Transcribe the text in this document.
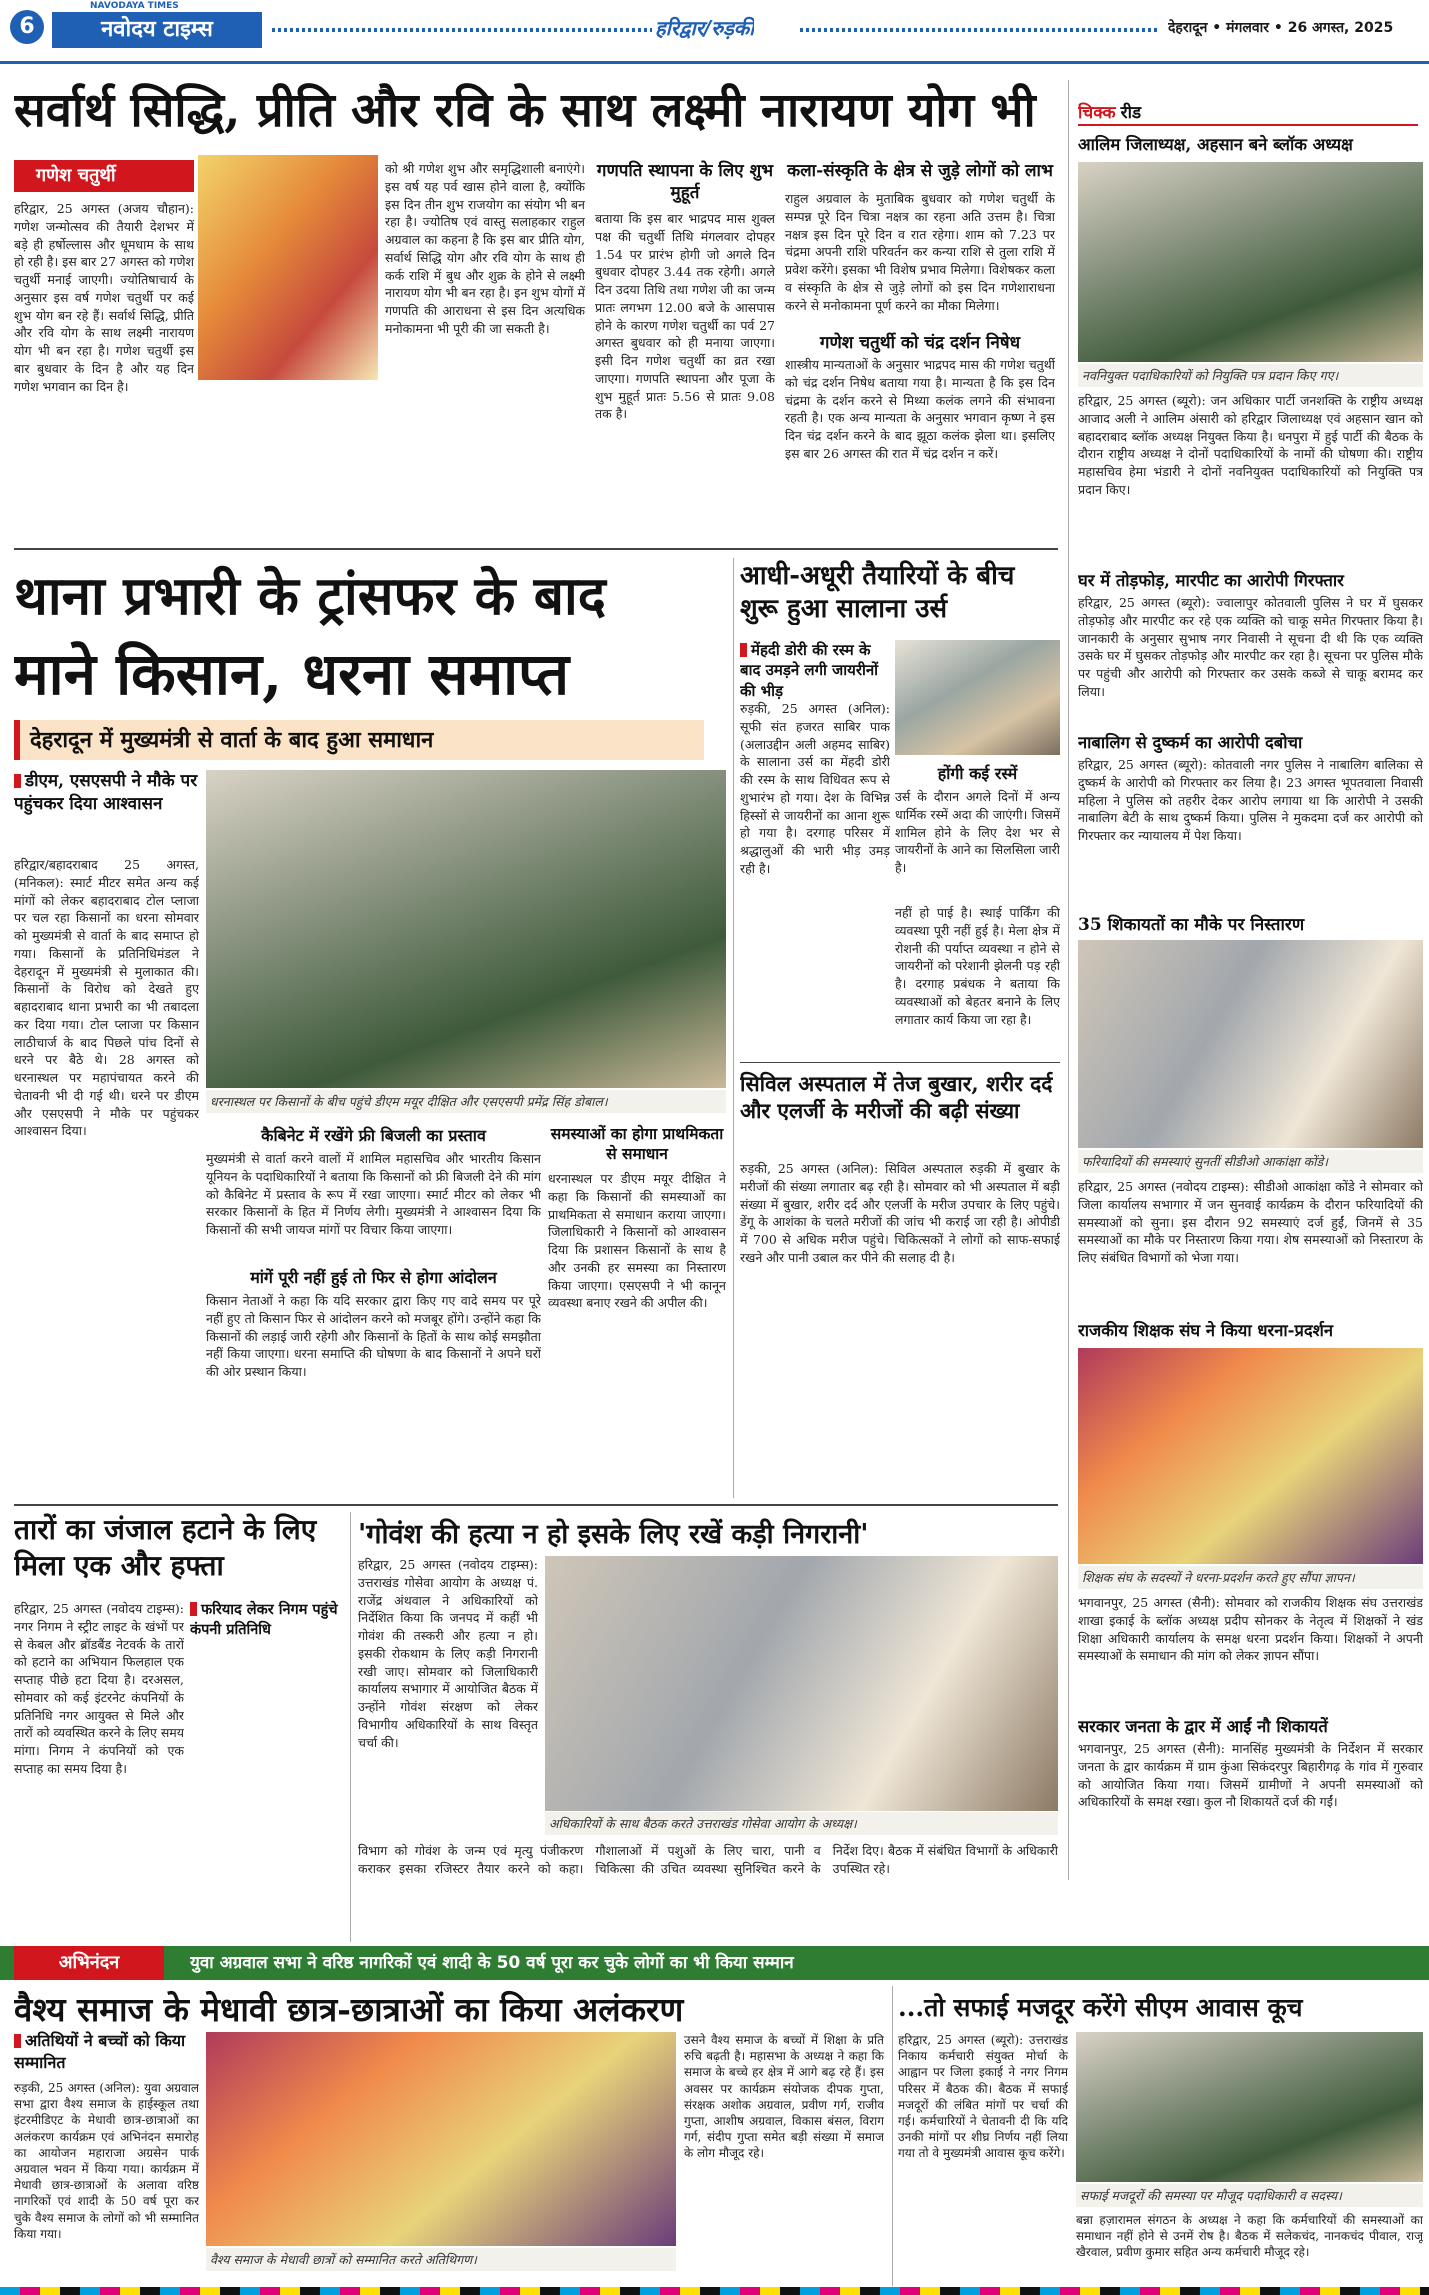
6
NAVODAYA TIMES
नवोदय टाइम्स	हरिद्वार/रुड़की	देहरादून • मंगलवार • 26 अगस्त, 2025
सर्वार्थ सिद्धि, प्रीति और रवि के साथ लक्ष्मी नारायण योग भी
गणेश चतुर्थी
हरिद्वार, 25 अगस्त (अजय चौहान): गणेश जन्मोत्सव की तैयारी देशभर में बड़े ही हर्षोल्लास और धूमधाम के साथ हो रही है। इस बार 27 अगस्त को गणेश चतुर्थी मनाई जाएगी। ज्योतिषाचार्य के अनुसार इस वर्ष गणेश चतुर्थी पर कई शुभ योग बन रहे हैं। सर्वार्थ सिद्धि, प्रीति और रवि योग के साथ लक्ष्मी नारायण योग भी बन रहा है। गणेश चतुर्थी इस बार बुधवार के दिन है और यह दिन गणेश भगवान का दिन है।
को श्री गणेश शुभ और समृद्धिशाली बनाएंगे। इस वर्ष यह पर्व खास होने वाला है, क्योंकि इस दिन तीन शुभ राजयोग का संयोग भी बन रहा है। ज्योतिष एवं वास्तु सलाहकार राहुल अग्रवाल का कहना है कि इस बार प्रीति योग, सर्वार्थ सिद्धि योग और रवि योग के साथ ही कर्क राशि में बुध और शुक्र के होने से लक्ष्मी नारायण योग भी बन रहा है। इन शुभ योगों में गणपति की आराधना से इस दिन अत्यधिक मनोकामना भी पूरी की जा सकती है।
गणपति स्थापना के लिए शुभ मुहूर्त
बताया कि इस बार भाद्रपद मास शुक्ल पक्ष की चतुर्थी तिथि मंगलवार दोपहर 1.54 पर प्रारंभ होगी जो अगले दिन बुधवार दोपहर 3.44 तक रहेगी। अगले दिन उदया तिथि तथा गणेश जी का जन्म प्रातः लगभग 12.00 बजे के आसपास होने के कारण गणेश चतुर्थी का पर्व 27 अगस्त बुधवार को ही मनाया जाएगा। इसी दिन गणेश चतुर्थी का व्रत रखा जाएगा। गणपति स्थापना और पूजा के शुभ मुहूर्त प्रातः 5.56 से प्रातः 9.08 तक है।
कला-संस्कृति के क्षेत्र से जुड़े लोगों को लाभ
राहुल अग्रवाल के मुताबिक बुधवार को गणेश चतुर्थी के सम्पन्न पूरे दिन चित्रा नक्षत्र का रहना अति उत्तम है। चित्रा नक्षत्र इस दिन पूरे दिन व रात रहेगा। शाम को 7.23 पर चंद्रमा अपनी राशि परिवर्तन कर कन्या राशि से तुला राशि में प्रवेश करेंगे। इसका भी विशेष प्रभाव मिलेगा। विशेषकर कला व संस्कृति के क्षेत्र से जुड़े लोगों को इस दिन गणेशाराधना करने से मनोकामना पूर्ण करने का मौका मिलेगा।
गणेश चतुर्थी को चंद्र दर्शन निषेध
शास्त्रीय मान्यताओं के अनुसार भाद्रपद मास की गणेश चतुर्थी को चंद्र दर्शन निषेध बताया गया है। मान्यता है कि इस दिन चंद्रमा के दर्शन करने से मिथ्या कलंक लगने की संभावना रहती है। एक अन्य मान्यता के अनुसार भगवान कृष्ण ने इस दिन चंद्र दर्शन करने के बाद झूठा कलंक झेला था। इसलिए इस बार 26 अगस्त की रात में चंद्र दर्शन न करें।
चिक्क रीड
आलिम जिलाध्यक्ष, अहसान बने ब्लॉक अध्यक्ष
नवनियुक्त पदाधिकारियों को नियुक्ति पत्र प्रदान किए गए।
हरिद्वार, 25 अगस्त (ब्यूरो): जन अधिकार पार्टी जनशक्ति के राष्ट्रीय अध्यक्ष आजाद अली ने आलिम अंसारी को हरिद्वार जिलाध्यक्ष एवं अहसान खान को बहादराबाद ब्लॉक अध्यक्ष नियुक्त किया है। धनपुरा में हुई पार्टी की बैठक के दौरान राष्ट्रीय अध्यक्ष ने दोनों पदाधिकारियों के नामों की घोषणा की। राष्ट्रीय महासचिव हेमा भंडारी ने दोनों नवनियुक्त पदाधिकारियों को नियुक्ति पत्र प्रदान किए।
घर में तोड़फोड़, मारपीट का आरोपी गिरफ्तार
हरिद्वार, 25 अगस्त (ब्यूरो): ज्वालापुर कोतवाली पुलिस ने घर में घुसकर तोड़फोड़ और मारपीट कर रहे एक व्यक्ति को चाकू समेत गिरफ्तार किया है। जानकारी के अनुसार सुभाष नगर निवासी ने सूचना दी थी कि एक व्यक्ति उसके घर में घुसकर तोड़फोड़ और मारपीट कर रहा है। सूचना पर पुलिस मौके पर पहुंची और आरोपी को गिरफ्तार कर उसके कब्जे से चाकू बरामद कर लिया।
नाबालिग से दुष्कर्म का आरोपी दबोचा
हरिद्वार, 25 अगस्त (ब्यूरो): कोतवाली नगर पुलिस ने नाबालिग बालिका से दुष्कर्म के आरोपी को गिरफ्तार कर लिया है। 23 अगस्त भूपतवाला निवासी महिला ने पुलिस को तहरीर देकर आरोप लगाया था कि आरोपी ने उसकी नाबालिग बेटी के साथ दुष्कर्म किया। पुलिस ने मुकदमा दर्ज कर आरोपी को गिरफ्तार कर न्यायालय में पेश किया।
35 शिकायतों का मौके पर निस्तारण
फरियादियों की समस्याएं सुनतीं सीडीओ आकांक्षा कोंडे।
हरिद्वार, 25 अगस्त (नवोदय टाइम्स): सीडीओ आकांक्षा कोंडे ने सोमवार को जिला कार्यालय सभागार में जन सुनवाई कार्यक्रम के दौरान फरियादियों की समस्याओं को सुना। इस दौरान 92 समस्याएं दर्ज हुईं, जिनमें से 35 समस्याओं का मौके पर निस्तारण किया गया। शेष समस्याओं को निस्तारण के लिए संबंधित विभागों को भेजा गया।
राजकीय शिक्षक संघ ने किया धरना-प्रदर्शन
शिक्षक संघ के सदस्यों ने धरना-प्रदर्शन करते हुए सौंपा ज्ञापन।
भगवानपुर, 25 अगस्त (सैनी): सोमवार को राजकीय शिक्षक संघ उत्तराखंड शाखा इकाई के ब्लॉक अध्यक्ष प्रदीप सोनकर के नेतृत्व में शिक्षकों ने खंड शिक्षा अधिकारी कार्यालय के समक्ष धरना प्रदर्शन किया। शिक्षकों ने अपनी समस्याओं के समाधान की मांग को लेकर ज्ञापन सौंपा।
सरकार जनता के द्वार में आईं नौ शिकायतें
भगवानपुर, 25 अगस्त (सैनी): मानसिंह मुख्यमंत्री के निर्देशन में सरकार जनता के द्वार कार्यक्रम में ग्राम कुंआ सिकंदरपुर बिहारीगढ़ के गांव में गुरुवार को आयोजित किया गया। जिसमें ग्रामीणों ने अपनी समस्याओं को अधिकारियों के समक्ष रखा। कुल नौ शिकायतें दर्ज की गईं।
थाना प्रभारी के ट्रांसफर के बाद
माने किसान, धरना समाप्त
देहरादून में मुख्यमंत्री से वार्ता के बाद हुआ समाधान
डीएम, एसएसपी ने मौके पर पहुंचकर दिया आश्वासन
हरिद्वार/बहादराबाद 25 अगस्त, (मनिकल): स्मार्ट मीटर समेत अन्य कई मांगों को लेकर बहादराबाद टोल प्लाजा पर चल रहा किसानों का धरना सोमवार को मुख्यमंत्री से वार्ता के बाद समाप्त हो गया। किसानों के प्रतिनिधिमंडल ने देहरादून में मुख्यमंत्री से मुलाकात की। किसानों के विरोध को देखते हुए बहादराबाद थाना प्रभारी का भी तबादला कर दिया गया। टोल प्लाजा पर किसान लाठीचार्ज के बाद पिछले पांच दिनों से धरने पर बैठे थे। 28 अगस्त को धरनास्थल पर महापंचायत करने की चेतावनी भी दी गई थी। धरने पर डीएम और एसएसपी ने मौके पर पहुंचकर आश्वासन दिया।
धरनास्थल पर किसानों के बीच पहुंचे डीएम मयूर दीक्षित और एसएसपी प्रमेंद्र सिंह डोबाल।
कैबिनेट में रखेंगे फ्री बिजली का प्रस्ताव
मुख्यमंत्री से वार्ता करने वालों में शामिल महासचिव और भारतीय किसान यूनियन के पदाधिकारियों ने बताया कि किसानों को फ्री बिजली देने की मांग को कैबिनेट में प्रस्ताव के रूप में रखा जाएगा। स्मार्ट मीटर को लेकर भी सरकार किसानों के हित में निर्णय लेगी। मुख्यमंत्री ने आश्वासन दिया कि किसानों की सभी जायज मांगों पर विचार किया जाएगा।
मांगें पूरी नहीं हुई तो फिर से होगा आंदोलन
किसान नेताओं ने कहा कि यदि सरकार द्वारा किए गए वादे समय पर पूरे नहीं हुए तो किसान फिर से आंदोलन करने को मजबूर होंगे। उन्होंने कहा कि किसानों की लड़ाई जारी रहेगी और किसानों के हितों के साथ कोई समझौता नहीं किया जाएगा। धरना समाप्ति की घोषणा के बाद किसानों ने अपने घरों की ओर प्रस्थान किया।
समस्याओं का होगा प्राथमिकता से समाधान
धरनास्थल पर डीएम मयूर दीक्षित ने कहा कि किसानों की समस्याओं का प्राथमिकता से समाधान कराया जाएगा। जिलाधिकारी ने किसानों को आश्वासन दिया कि प्रशासन किसानों के साथ है और उनकी हर समस्या का निस्तारण किया जाएगा। एसएसपी ने भी कानून व्यवस्था बनाए रखने की अपील की।
आधी-अधूरी तैयारियों के बीच शुरू हुआ सालाना उर्स
मेंहदी डोरी की रस्म के बाद उमड़ने लगी जायरीनों की भीड़
रुड़की, 25 अगस्त (अनिल): सूफी संत हजरत साबिर पाक (अलाउद्दीन अली अहमद साबिर) के सालाना उर्स का मेंहदी डोरी की रस्म के साथ विधिवत रूप से शुभारंभ हो गया। देश के विभिन्न हिस्सों से जायरीनों का आना शुरू हो गया है। दरगाह परिसर में श्रद्धालुओं की भारी भीड़ उमड़ रही है।
होंगी कई रस्में
उर्स के दौरान अगले दिनों में अन्य धार्मिक रस्में अदा की जाएंगी। जिसमें शामिल होने के लिए देश भर से जायरीनों के आने का सिलसिला जारी है।
नहीं हो पाई है। स्थाई पार्किंग की व्यवस्था पूरी नहीं हुई है। मेला क्षेत्र में रोशनी की पर्याप्त व्यवस्था न होने से जायरीनों को परेशानी झेलनी पड़ रही है। दरगाह प्रबंधक ने बताया कि व्यवस्थाओं को बेहतर बनाने के लिए लगातार कार्य किया जा रहा है।
सिविल अस्पताल में तेज बुखार, शरीर दर्द और एलर्जी के मरीजों की बढ़ी संख्या
रुड़की, 25 अगस्त (अनिल): सिविल अस्पताल रुड़की में बुखार के मरीजों की संख्या लगातार बढ़ रही है। सोमवार को भी अस्पताल में बड़ी संख्या में बुखार, शरीर दर्द और एलर्जी के मरीज उपचार के लिए पहुंचे। डेंगू के आशंका के चलते मरीजों की जांच भी कराई जा रही है। ओपीडी में 700 से अधिक मरीज पहुंचे। चिकित्सकों ने लोगों को साफ-सफाई रखने और पानी उबाल कर पीने की सलाह दी है।
तारों का जंजाल हटाने के लिए मिला एक और हफ्ता
फरियाद लेकर निगम पहुंचे कंपनी प्रतिनिधि
हरिद्वार, 25 अगस्त (नवोदय टाइम्स): नगर निगम ने स्ट्रीट लाइट के खंभों पर से केबल और ब्रॉडबैंड नेटवर्क के तारों को हटाने का अभियान फिलहाल एक सप्ताह पीछे हटा दिया है। दरअसल, सोमवार को कई इंटरनेट कंपनियों के प्रतिनिधि नगर आयुक्त से मिले और तारों को व्यवस्थित करने के लिए समय मांगा। निगम ने कंपनियों को एक सप्ताह का समय दिया है।
'गोवंश की हत्या न हो इसके लिए रखें कड़ी निगरानी'
हरिद्वार, 25 अगस्त (नवोदय टाइम्स): उत्तराखंड गोसेवा आयोग के अध्यक्ष पं. राजेंद्र अंथवाल ने अधिकारियों को निर्देशित किया कि जनपद में कहीं भी गोवंश की तस्करी और हत्या न हो। इसकी रोकथाम के लिए कड़ी निगरानी रखी जाए। सोमवार को जिलाधिकारी कार्यालय सभागार में आयोजित बैठक में उन्होंने गोवंश संरक्षण को लेकर विभागीय अधिकारियों के साथ विस्तृत चर्चा की।
अधिकारियों के साथ बैठक करते उत्तराखंड गोसेवा आयोग के अध्यक्ष।
विभाग को गोवंश के जन्म एवं मृत्यु पंजीकरण कराकर इसका रजिस्टर तैयार करने को कहा। गौशालाओं में पशुओं के लिए चारा, पानी व चिकित्सा की उचित व्यवस्था सुनिश्चित करने के निर्देश दिए। बैठक में संबंधित विभागों के अधिकारी उपस्थित रहे।
अभिनंदन	युवा अग्रवाल सभा ने वरिष्ठ नागरिकों एवं शादी के 50 वर्ष पूरा कर चुके लोगों का भी किया सम्मान
वैश्य समाज के मेधावी छात्र-छात्राओं का किया अलंकरण
अतिथियों ने बच्चों को किया सम्मानित
रुड़की, 25 अगस्त (अनिल): युवा अग्रवाल सभा द्वारा वैश्य समाज के हाईस्कूल तथा इंटरमीडिएट के मेधावी छात्र-छात्राओं का अलंकरण कार्यक्रम एवं अभिनंदन समारोह का आयोजन महाराजा अग्रसेन पार्क अग्रवाल भवन में किया गया। कार्यक्रम में मेधावी छात्र-छात्राओं के अलावा वरिष्ठ नागरिकों एवं शादी के 50 वर्ष पूरा कर चुके वैश्य समाज के लोगों को भी सम्मानित किया गया।
वैश्य समाज के मेधावी छात्रों को सम्मानित करते अतिथिगण।
उसने वैश्य समाज के बच्चों में शिक्षा के प्रति रुचि बढ़ती है। महासभा के अध्यक्ष ने कहा कि समाज के बच्चे हर क्षेत्र में आगे बढ़ रहे हैं। इस अवसर पर कार्यक्रम संयोजक दीपक गुप्ता, संरक्षक अशोक अग्रवाल, प्रवीण गर्ग, राजीव गुप्ता, आशीष अग्रवाल, विकास बंसल, विराग गर्ग, संदीप गुप्ता समेत बड़ी संख्या में समाज के लोग मौजूद रहे।
...तो सफाई मजदूर करेंगे सीएम आवास कूच
हरिद्वार, 25 अगस्त (ब्यूरो): उत्तराखंड निकाय कर्मचारी संयुक्त मोर्चा के आह्वान पर जिला इकाई ने नगर निगम परिसर में बैठक की। बैठक में सफाई मजदूरों की लंबित मांगों पर चर्चा की गई। कर्मचारियों ने चेतावनी दी कि यदि उनकी मांगों पर शीघ्र निर्णय नहीं लिया गया तो वे मुख्यमंत्री आवास कूच करेंगे।
सफाई मजदूरों की समस्या पर मौजूद पदाधिकारी व सदस्य।
बन्ना हज़ारामल संगठन के अध्यक्ष ने कहा कि कर्मचारियों की समस्याओं का समाधान नहीं होने से उनमें रोष है। बैठक में सलेकचंद, नानकचंद पीवाल, राजू खैरवाल, प्रवीण कुमार सहित अन्य कर्मचारी मौजूद रहे।
